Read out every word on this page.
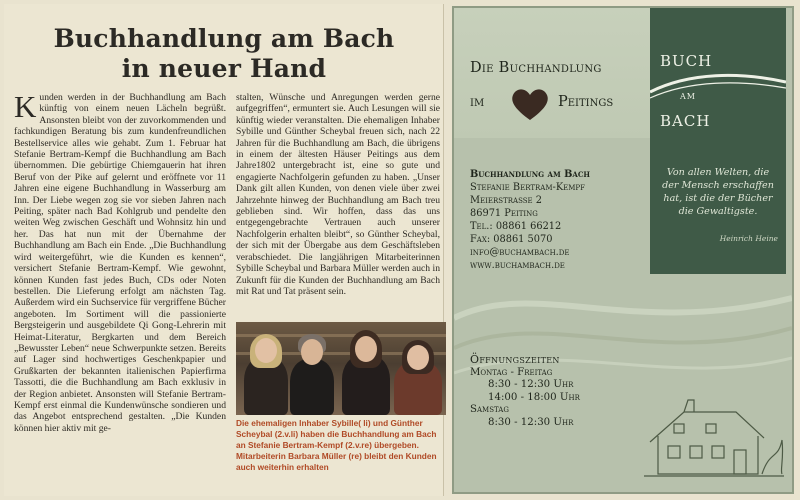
Buchhandlung am Bach
in neuer Hand
K unden werden in der Buchhandlung am Bach künftig von einem neuen Lächeln begrüßt. Ansonsten bleibt von der zuvorkommenden und fachkundigen Beratung bis zum kundenfreundlichen Bestellservice alles wie gehabt. Zum 1. Februar hat Stefanie Bertram-Kempf die Buchhandlung am Bach übernommen. Die gebürtige Chiemgauerin hat ihren Beruf von der Pike auf gelernt und eröffnete vor 11 Jahren eine eigene Buchhandlung in Wasserburg am Inn. Der Liebe wegen zog sie vor sieben Jahren nach Peiting, später nach Bad Kohlgrub und pendelte den weiten Weg zwischen Geschäft und Wohnsitz hin und her. Das hat nun mit der Übernahme der Buchhandlung am Bach ein Ende. „Die Buchhandlung wird weitergeführt, wie die Kunden es kennen“, versichert Stefanie Bertram-Kempf. Wie gewohnt, können Kunden fast jedes Buch, CDs oder Noten bestellen. Die Lieferung erfolgt am nächsten Tag. Außerdem wird ein Suchservice für vergriffene Bücher angeboten. Im Sortiment will die passionierte Bergsteigerin und ausgebildete Qi Gong-Lehrerin mit Heimat-Literatur, Bergkarten und dem Bereich „Bewusster Leben“ neue Schwerpunkte setzen. Bereits auf Lager sind hochwertiges Geschenkpapier und Grußkarten der bekannten italienischen Papierfirma Tassotti, die die Buchhandlung am Bach exklusiv in der Region anbietet. Ansonsten will Stefanie Bertram-Kempf erst einmal die Kundenwünsche sondieren und das Angebot entsprechend gestalten. „Die Kunden können hier aktiv mit ge-

stalten, Wünsche und Anregungen werden gerne aufgegriffen“, ermuntert sie. Auch Lesungen will sie künftig wieder veranstalten. Die ehemaligen Inhaber Sybille und Günther Scheybal freuen sich, nach 22 Jahren für die Buchhandlung am Bach, die übrigens in einem der ältesten Häuser Peitings aus dem Jahre1802 untergebracht ist, eine so gute und engagierte Nachfolgerin gefunden zu haben. „Unser Dank gilt allen Kunden, von denen viele über zwei Jahrzehnte hinweg der Buchhandlung am Bach treu geblieben sind. Wir hoffen, dass das uns entgegengebrachte Vertrauen auch unserer Nachfolgerin erhalten bleibt“, so Günther Scheybal, der sich mit der Übergabe aus dem Geschäftsleben verabschiedet. Die langjährigen Mitarbeiterinnen Sybille Scheybal und Barbara Müller werden auch in Zukunft für die Kunden der Buchhandlung am Bach mit Rat und Tat präsent sein.

Die ehemaligen Inhaber Sybille( li) und Günther Scheybal (2.v.li) haben die Buchhandlung am Bach an Stefanie Bertram-Kempf (2.v.re) übergeben. Mitarbeiterin Barbara Müller (re) bleibt den Kunden auch weiterhin erhalten
Die Buchhandlung
im	Peitings
BUCH
AM
BACH
Von allen Welten, die der Mensch erschaffen hat, ist die der Bücher die Gewaltigste.
Heinrich Heine
Buchhandlung am Bach
Stefanie Bertram-Kempf
Meierstraße 2
86971 Peiting
Tel.: 08861 66212
Fax: 08861 5070
info@buchambach.de
www.buchambach.de
Öffnungszeiten
Montag - Freitag
8:30 - 12:30 Uhr
14:00 - 18:00 Uhr
Samstag
8:30 - 12:30 Uhr
